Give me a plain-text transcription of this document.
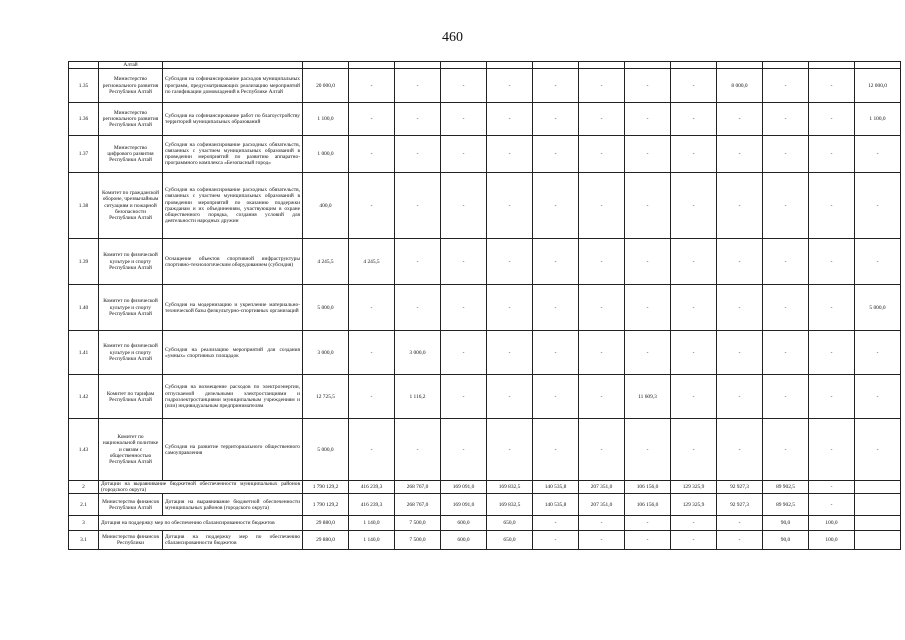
460
	Алтай														
1.35	Министерство регионального развития Республики Алтай	Субсидия на софинансирование расходов муниципальных программ, предусматривающих реализацию мероприятий по газификации домовладений в Республике Алтай	20 000,0	-	-	-	-	-	-	-	-	8 000,0	-	-	12 000,0
1.36	Министерство регионального развития Республики Алтай	Субсидия на софинансирование работ по благоустройству территорий муниципальных образований	1 100,0	-	-	-	-	-	-	-	-	-	-	-	1 100,0
1.37	Министерство цифрового развития Республики Алтай	Субсидия на софинансирование расходных обязательств, связанных с участием муниципальных образований в проведении мероприятий по развитию аппаратно-программного комплекса «Безопасный город»	1 000,0	-	-	-	-	-	-	-	-	-	-	-	-
1.38	Комитет по гражданской обороне, чрезвычайным ситуациям и пожарной безопасности Республики Алтай	Субсидия на софинансирование расходных обязательств, связанных с участием муниципальных образований в проведении мероприятий по оказанию поддержки гражданам и их объединениям, участвующим в охране общественного порядка, создания условий для деятельности народных дружин	400,0	-	-	-	-	-	-	-	-	-	-	-	-
1.39	Комитет по физической культуре и спорту Республики Алтай	Оснащение объектов спортивной инфраструктуры спортивно-технологическим оборудованием (субсидия)	4 245,5	4 245,5	-	-	-	-	-	-	-	-	-	-	-
1.40	Комитет по физической культуре и спорту Республики Алтай	Субсидия на модернизацию и укрепление материально-технической базы физкультурно-спортивных организаций	5 000,0	-	-	-	-	-	-	-	-	-	-	-	5 000,0
1.41	Комитет по физической культуре и спорту Республики Алтай	Субсидия на реализацию мероприятий для создания «умных» спортивных площадок	3 000,0	-	3 000,0	-	-	-	-	-	-	-	-	-	-
1.42	Комитет по тарифам Республики Алтай	Субсидия на возмещение расходов по электроэнергии, отпускаемой дизельными электростанциями и гидроэлектростанциями муниципальным учреждениям и (или) индивидуальным предпринимателям	12 725,5	-	1 116,2	-	-	-	-	11 609,3	-	-	-	-	-
1.43	Комитет по национальной политике и связям с общественностью Республики Алтай	Субсидия на развитие территориального общественного самоуправления	5 000,0	-	-	-	-	-	-	-	-	-	-	-	-
2	Дотации на выравнивание бюджетной обеспеченности муниципальных районов (городского округа)		1 790 129,2	416 239,3	268 767,0	169 091,0	169 832,5	140 535,8	207 351,0	106 156,0	129 325,9	92 927,3	89 902,5	-	
2.1	Министерство финансов Республики Алтай	Дотация на выравнивание бюджетной обеспеченности муниципальных районов (городского округа)	1 790 129,2	416 239,3	268 767,0	169 091,0	169 832,5	140 535,8	207 351,0	106 156,0	129 325,9	92 927,3	89 902,5	-	
3	Дотация на поддержку мер по обеспечению сбалансированности бюджетов		29 880,0	1 140,0	7 500,0	600,0	650,0	-	-	-	-	-	90,0	100,0	
3.1	Министерство финансов Республики	Дотация на поддержку мер по обеспечению сбалансированности бюджетов	29 880,0	1 140,0	7 500,0	600,0	650,0	-	-	-	-	-	90,0	100,0	
